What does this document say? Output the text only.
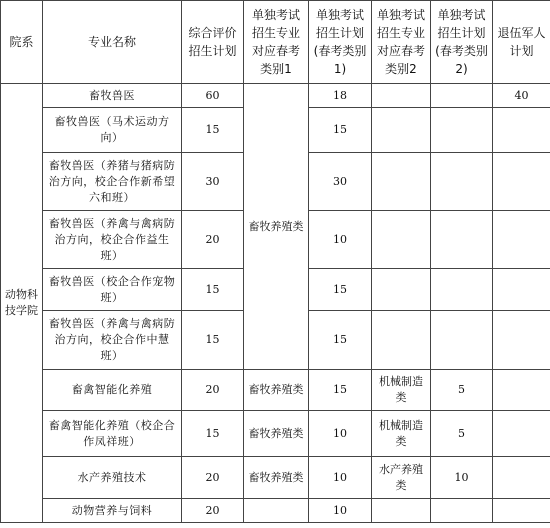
院系	专业名称	综合评价招生计划	单独考试招生专业对应春考类别1	单独考试招生计划(春考类别1)	单独考试招生专业对应春考类别2	单独考试招生计划(春考类别2)	退伍军人计划
动物科技学院	畜牧兽医	60	畜牧养殖类	18			40
	畜牧兽医（马术运动方向）	15		15			
	畜牧兽医（养猪与猪病防治方向，校企合作新希望六和班）	30		30			
	畜牧兽医（养禽与禽病防治方向，校企合作益生班）	20		10			
	畜牧兽医（校企合作宠物班）	15		15			
	畜牧兽医（养禽与禽病防治方向，校企合作中慧班）	15		15			
	畜禽智能化养殖	20	畜牧养殖类	15	机械制造类	5	
	畜禽智能化养殖（校企合作凤祥班）	15	畜牧养殖类	10	机械制造类	5	
	水产养殖技术	20	畜牧养殖类	10	水产养殖类	10	
	动物营养与饲料	20		10			
